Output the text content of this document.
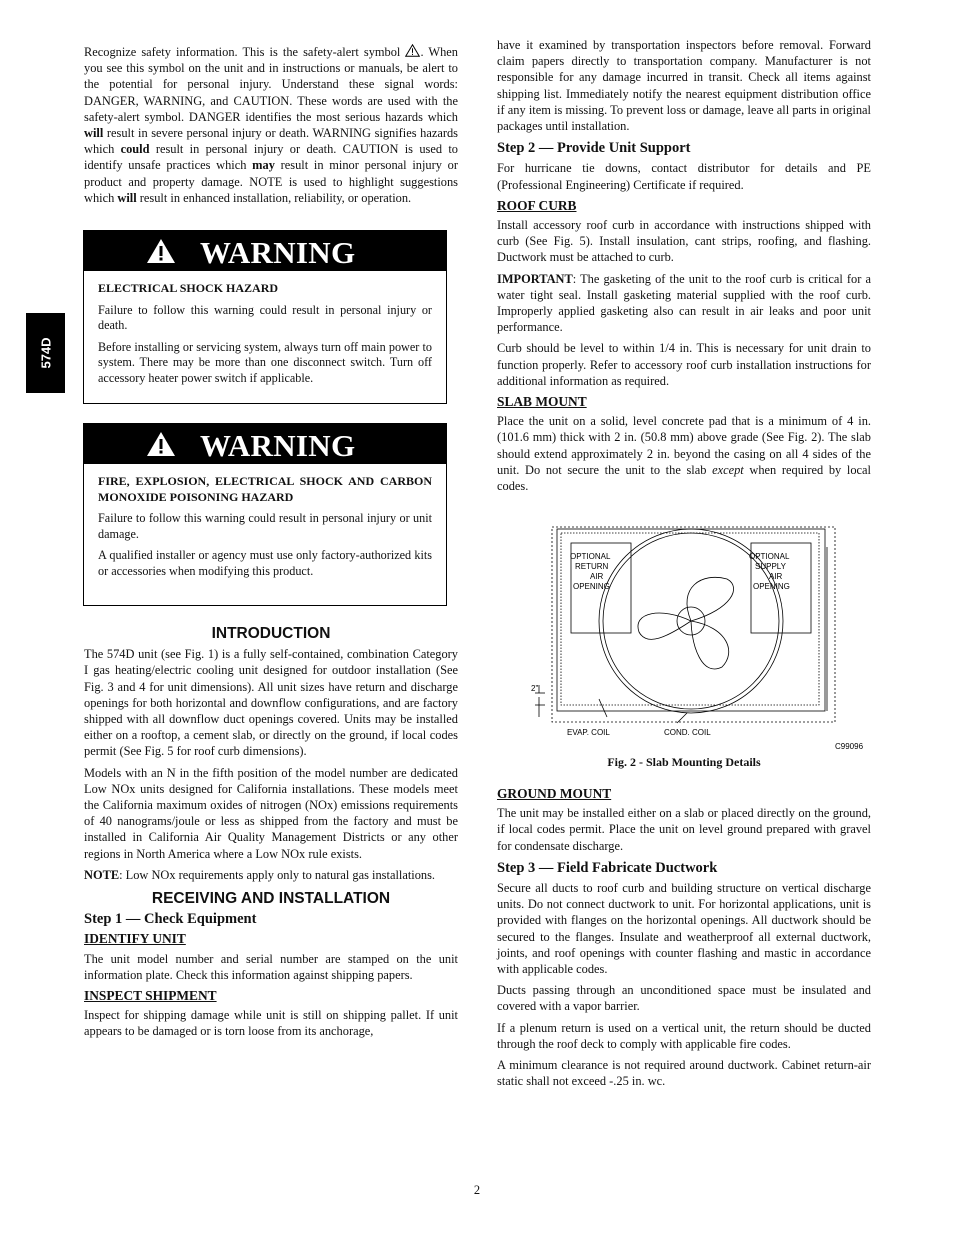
574D

Recognize safety information. This is the safety-alert symbol . When you see this symbol on the unit and in instructions or manuals, be alert to the potential for personal injury. Understand these signal words: DANGER, WARNING, and CAUTION. These words are used with the safety-alert symbol. DANGER identifies the most serious hazards which will result in severe personal injury or death. WARNING signifies hazards which could result in personal injury or death. CAUTION is used to identify unsafe practices which may result in minor personal injury or product and property damage. NOTE is used to highlight suggestions which will result in enhanced installation, reliability, or operation.

WARNING

ELECTRICAL SHOCK HAZARD

Failure to follow this warning could result in personal injury or death.

Before installing or servicing system, always turn off main power to system. There may be more than one disconnect switch. Turn off accessory heater power switch if applicable.

WARNING

FIRE, EXPLOSION, ELECTRICAL SHOCK AND CARBON MONOXIDE POISONING HAZARD

Failure to follow this warning could result in personal injury or unit damage.

A qualified installer or agency must use only factory-authorized kits or accessories when modifying this product.

INTRODUCTION

The 574D unit (see Fig. 1) is a fully self-contained, combination Category I gas heating/electric cooling unit designed for outdoor installation (See Fig. 3 and 4 for unit dimensions). All unit sizes have return and discharge openings for both horizontal and downflow configurations, and are factory shipped with all downflow duct openings covered. Units may be installed either on a rooftop, a cement slab, or directly on the ground, if local codes permit (See Fig. 5 for roof curb dimensions).

Models with an N in the fifth position of the model number are dedicated Low NOx units designed for California installations. These models meet the California maximum oxides of nitrogen (NOx) emissions requirements of 40 nanograms/joule or less as shipped from the factory and must be installed in California Air Quality Management Districts or any other regions in North America where a Low NOx rule exists.

NOTE: Low NOx requirements apply only to natural gas installations.

RECEIVING AND INSTALLATION
Step 1 — Check Equipment
IDENTIFY UNIT

The unit model number and serial number are stamped on the unit information plate. Check this information against shipping papers.

INSPECT SHIPMENT

Inspect for shipping damage while unit is still on shipping pallet. If unit appears to be damaged or is torn loose from its anchorage,

have it examined by transportation inspectors before removal. Forward claim papers directly to transportation company. Manufacturer is not responsible for any damage incurred in transit. Check all items against shipping list. Immediately notify the nearest equipment distribution office if any item is missing. To prevent loss or damage, leave all parts in original packages until installation.

Step 2 — Provide Unit Support

For hurricane tie downs, contact distributor for details and PE (Professional Engineering) Certificate if required.

ROOF CURB

Install accessory roof curb in accordance with instructions shipped with curb (See Fig. 5). Install insulation, cant strips, roofing, and flashing. Ductwork must be attached to curb.

IMPORTANT: The gasketing of the unit to the roof curb is critical for a water tight seal. Install gasketing material supplied with the roof curb. Improperly applied gasketing also can result in air leaks and poor unit performance.

Curb should be level to within 1/4 in. This is necessary for unit drain to function properly. Refer to accessory roof curb installation instructions for additional information as required.

SLAB MOUNT

Place the unit on a solid, level concrete pad that is a minimum of 4 in. (101.6 mm) thick with 2 in. (50.8 mm) above grade (See Fig. 2). The slab should extend approximately 2 in. beyond the casing on all 4 sides of the unit. Do not secure the unit to the slab except when required by local codes.

OPTIONAL
RETURN
AIR
OPENING
OPTIONAL
SUPPLY
AIR
OPENING
2"
EVAP. COIL	COND. COIL
C99096
Fig. 2 - Slab Mounting Details
GROUND MOUNT

The unit may be installed either on a slab or placed directly on the ground, if local codes permit. Place the unit on level ground prepared with gravel for condensate discharge.

Step 3 — Field Fabricate Ductwork

Secure all ducts to roof curb and building structure on vertical discharge units. Do not connect ductwork to unit. For horizontal applications, unit is provided with flanges on the horizontal openings. All ductwork should be secured to the flanges. Insulate and weatherproof all external ductwork, joints, and roof openings with counter flashing and mastic in accordance with applicable codes.

Ducts passing through an unconditioned space must be insulated and covered with a vapor barrier.

If a plenum return is used on a vertical unit, the return should be ducted through the roof deck to comply with applicable fire codes.

A minimum clearance is not required around ductwork. Cabinet return-air static shall not exceed -.25 in. wc.

2
